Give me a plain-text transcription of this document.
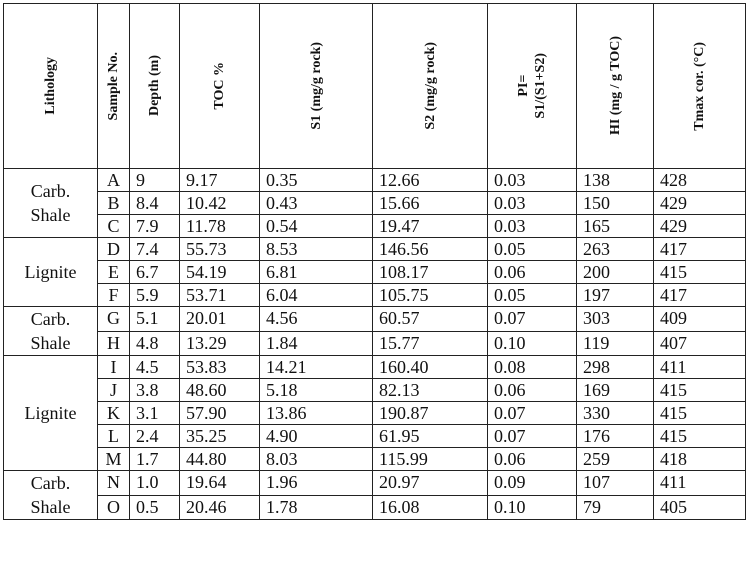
Lithology	Sample No.	Depth (m)	TOC %	S1 (mg/g rock)	S2 (mg/g rock)	PI=
S1/(S1+S2)	HI (mg / g TOC)	Tmax cor. (°C)

Carb.
Shale	A	9	9.17	0.35	12.66	0.03	138	428
	B	8.4	10.42	0.43	15.66	0.03	150	429
	C	7.9	11.78	0.54	19.47	0.03	165	429
Lignite	D	7.4	55.73	8.53	146.56	0.05	263	417
	E	6.7	54.19	6.81	108.17	0.06	200	415
	F	5.9	53.71	6.04	105.75	0.05	197	417
Carb.
Shale	G	5.1	20.01	4.56	60.57	0.07	303	409
	H	4.8	13.29	1.84	15.77	0.10	119	407
Lignite	I	4.5	53.83	14.21	160.40	0.08	298	411
	J	3.8	48.60	5.18	82.13	0.06	169	415
	K	3.1	57.90	13.86	190.87	0.07	330	415
	L	2.4	35.25	4.90	61.95	0.07	176	415
	M	1.7	44.80	8.03	115.99	0.06	259	418
Carb.
Shale	N	1.0	19.64	1.96	20.97	0.09	107	411
	O	0.5	20.46	1.78	16.08	0.10	79	405
